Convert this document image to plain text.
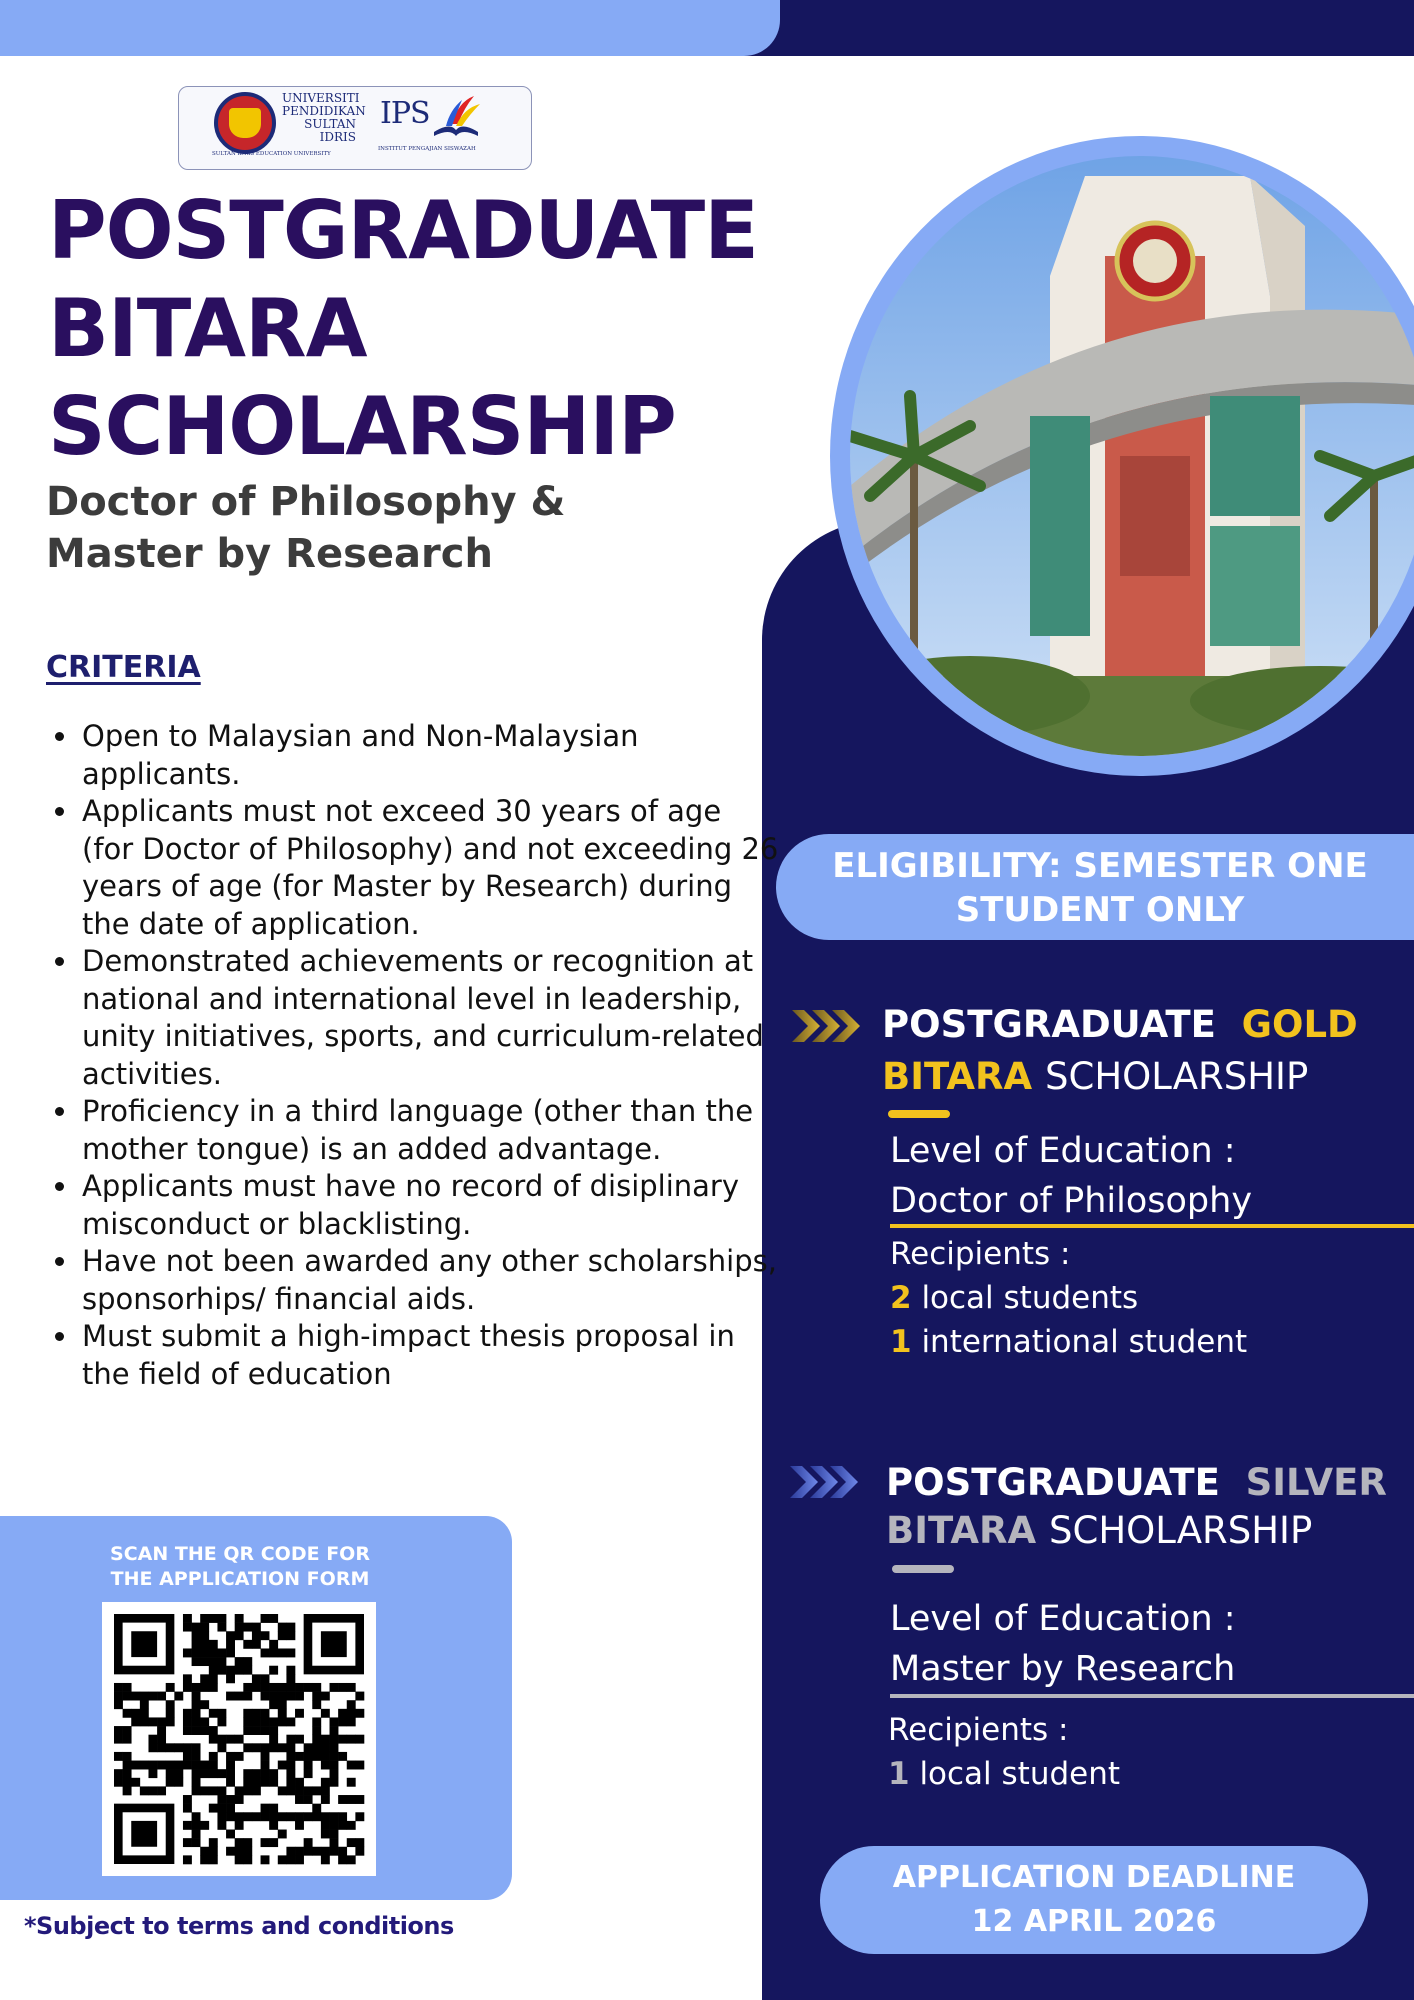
UNIVERSITI PENDIDIKAN SULTAN IDRIS
SULTAN IDRIS EDUCATION UNIVERSITY
IPS
INSTITUT PENGAJIAN SISWAZAH
POSTGRADUATE
BITARA
SCHOLARSHIP
Doctor of Philosophy &
Master by Research
CRITERIA
• Open to Malaysian and Non-Malaysian applicants.
• Applicants must not exceed 30 years of age (for Doctor of Philosophy) and not exceeding 26 years of age (for Master by Research) during the date of application.
• Demonstrated achievements or recognition at national and international level in leadership, unity initiatives, sports, and curriculum-related activities.
• Proficiency in a third language (other than the mother tongue) is an added advantage.
• Applicants must have no record of disiplinary misconduct or blacklisting.
• Have not been awarded any other scholarships, sponsorhips/ financial aids.
• Must submit a high-impact thesis proposal in the field of education
SCAN THE QR CODE FOR
THE APPLICATION FORM
*Subject to terms and conditions
ELIGIBILITY: SEMESTER ONE
STUDENT ONLY
POSTGRADUATE GOLD
BITARA SCHOLARSHIP
Level of Education :
Doctor of Philosophy
Recipients :
2 local students
1 international student
POSTGRADUATE SILVER
BITARA SCHOLARSHIP
Level of Education :
Master by Research
Recipients :
1 local student
APPLICATION DEADLINE
12 APRIL 2026
